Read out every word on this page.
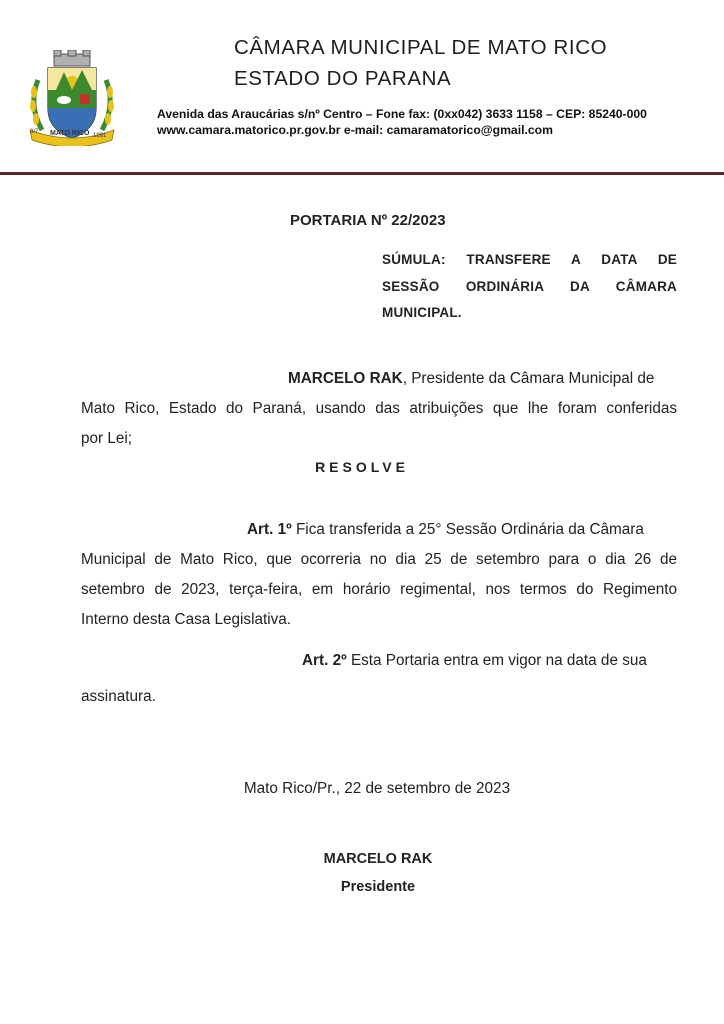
MATO RICO
3/7
1991
CÂMARA MUNICIPAL DE MATO RICO
ESTADO DO PARANA
Avenida das Araucárias s/nº Centro – Fone fax: (0xx042) 3633 1158 – CEP: 85240-000
www.camara.matorico.pr.gov.br e-mail: camaramatorico@gmail.com
PORTARIA Nº 22/2023
SÚMULA: TRANSFERE A DATA DE
SESSÃO ORDINÁRIA DA CÂMARA
MUNICIPAL.
MARCELO RAK, Presidente da Câmara Municipal de
Mato Rico, Estado do Paraná, usando das atribuições que lhe foram conferidas
por Lei;
RESOLVE
Art. 1º Fica transferida a 25° Sessão Ordinária da Câmara
Municipal de Mato Rico, que ocorreria no dia 25 de setembro para o dia 26 de
setembro de 2023, terça-feira, em horário regimental, nos termos do Regimento
Interno desta Casa Legislativa.
Art. 2º Esta Portaria entra em vigor na data de sua
assinatura.
Mato Rico/Pr., 22 de setembro de 2023
MARCELO RAK
Presidente
